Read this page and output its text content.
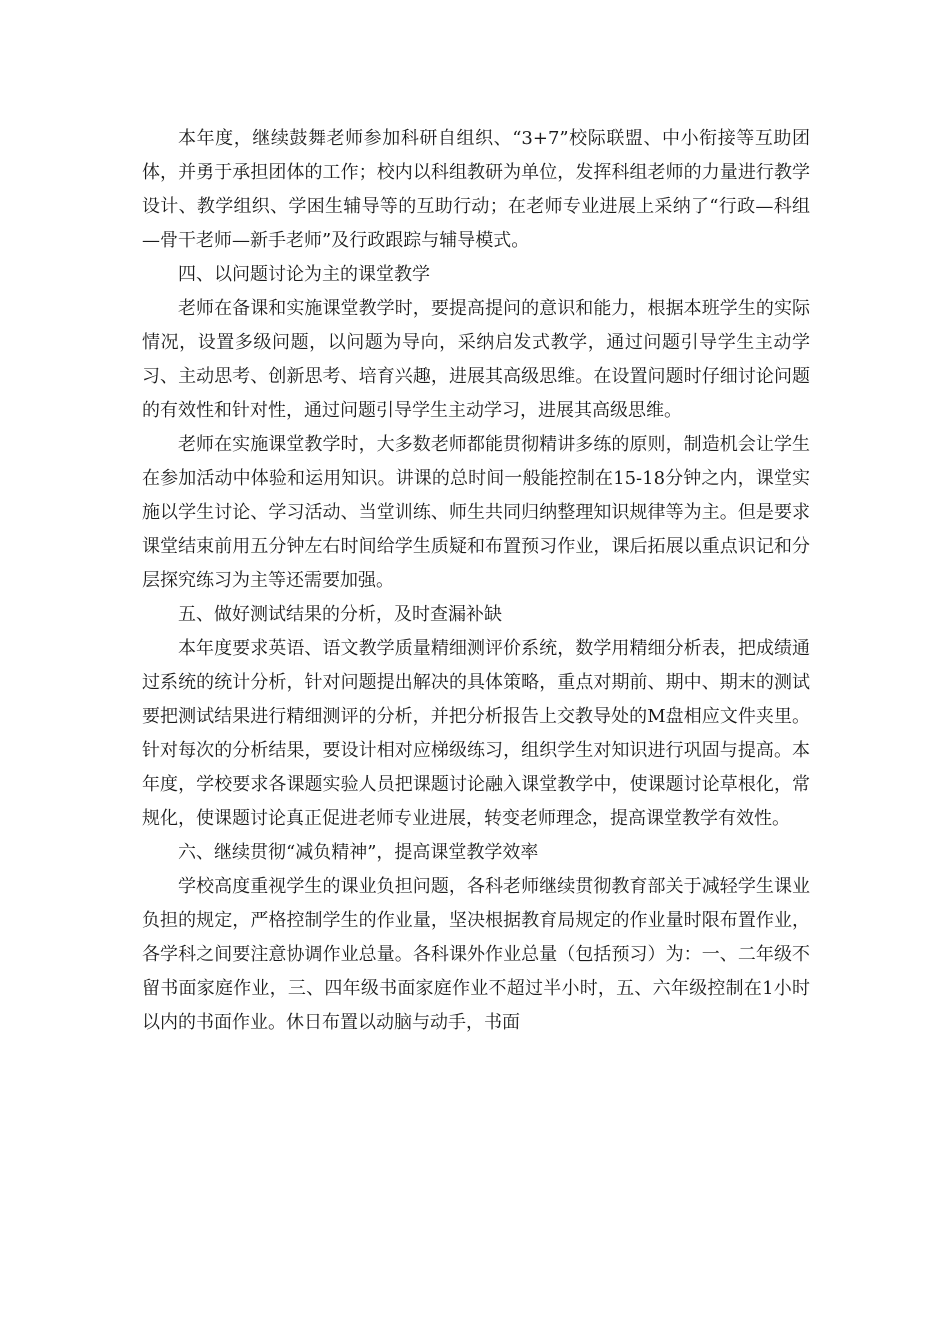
本年度，继续鼓舞老师参加科研自组织、“3+7”校际联盟、中小衔接等互助团体，并勇于承担团体的工作；校内以科组教研为单位，发挥科组老师的力量进行教学设计、教学组织、学困生辅导等的互助行动；在老师专业进展上采纳了“行政—科组—骨干老师—新手老师”及行政跟踪与辅导模式。

四、以问题讨论为主的课堂教学

老师在备课和实施课堂教学时，要提高提问的意识和能力，根据本班学生的实际情况，设置多级问题，以问题为导向，采纳启发式教学，通过问题引导学生主动学习、主动思考、创新思考、培育兴趣，进展其高级思维。在设置问题时仔细讨论问题的有效性和针对性，通过问题引导学生主动学习，进展其高级思维。

老师在实施课堂教学时，大多数老师都能贯彻精讲多练的原则，制造机会让学生在参加活动中体验和运用知识。讲课的总时间一般能控制在15-18分钟之内，课堂实施以学生讨论、学习活动、当堂训练、师生共同归纳整理知识规律等为主。但是要求课堂结束前用五分钟左右时间给学生质疑和布置预习作业，课后拓展以重点识记和分层探究练习为主等还需要加强。

五、做好测试结果的分析，及时查漏补缺

本年度要求英语、语文教学质量精细测评价系统，数学用精细分析表，把成绩通过系统的统计分析，针对问题提出解决的具体策略，重点对期前、期中、期末的测试要把测试结果进行精细测评的分析，并把分析报告上交教导处的M盘相应文件夹里。针对每次的分析结果，要设计相对应梯级练习，组织学生对知识进行巩固与提高。本年度，学校要求各课题实验人员把课题讨论融入课堂教学中，使课题讨论草根化，常规化，使课题讨论真正促进老师专业进展，转变老师理念，提高课堂教学有效性。

六、继续贯彻“减负精神”，提高课堂教学效率

学校高度重视学生的课业负担问题，各科老师继续贯彻教育部关于减轻学生课业负担的规定，严格控制学生的作业量，坚决根据教育局规定的作业量时限布置作业，各学科之间要注意协调作业总量。各科课外作业总量（包括预习）为：一、二年级不留书面家庭作业，三、四年级书面家庭作业不超过半小时，五、六年级控制在1小时以内的书面作业。休日布置以动脑与动手，书面
